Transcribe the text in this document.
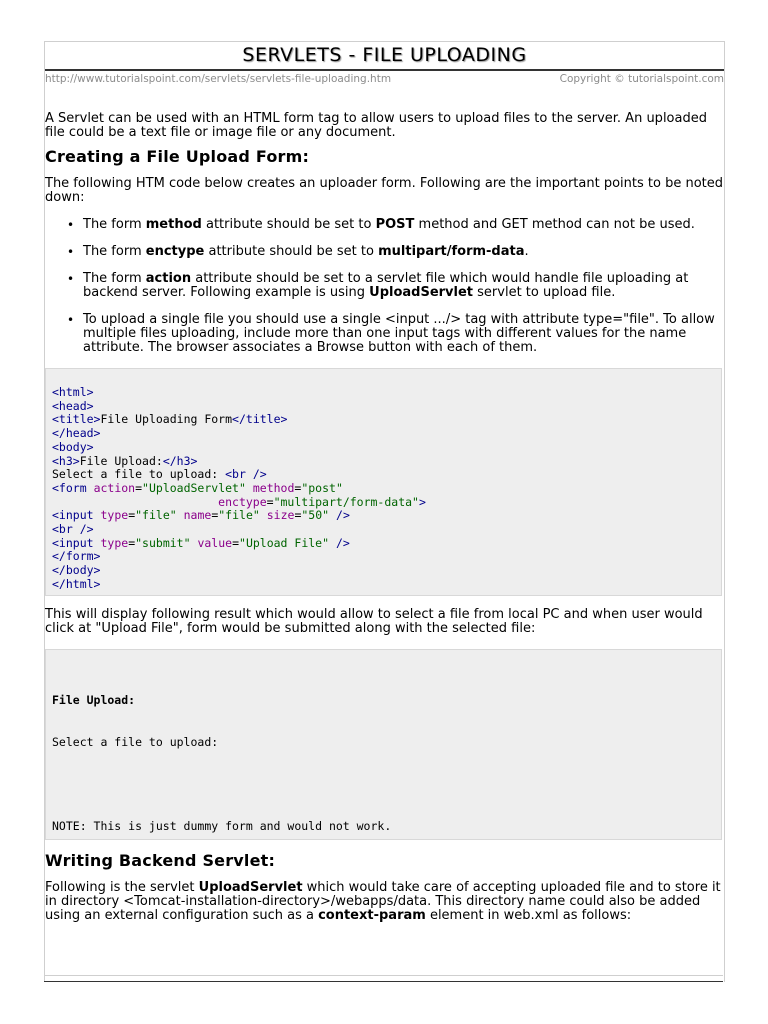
SERVLETS - FILE UPLOADING
http://www.tutorialspoint.com/servlets/servlets-file-uploading.htm	Copyright © tutorialspoint.com

A Servlet can be used with an HTML form tag to allow users to upload files to the server. An uploaded file could be a text file or image file or any document.

Creating a File Upload Form:

The following HTM code below creates an uploader form. Following are the important points to be noted down:

• The form method attribute should be set to POST method and GET method can not be used.
• The form enctype attribute should be set to multipart/form-data.
• The form action attribute should be set to a servlet file which would handle file uploading at backend server. Following example is using UploadServlet servlet to upload file.
• To upload a single file you should use a single <input .../> tag with attribute type="file". To allow multiple files uploading, include more than one input tags with different values for the name attribute. The browser associates a Browse button with each of them.
<html>
<head>
<title>File Uploading Form</title>
</head>
<body>
<h3>File Upload:</h3>
Select a file to upload: <br />
<form action="UploadServlet" method="post"
enctype="multipart/form-data">
<input type="file" name="file" size="50" />
<br />
<input type="submit" value="Upload File" />
</form>
</body>
</html>

This will display following result which would allow to select a file from local PC and when user would click at "Upload File", form would be submitted along with the selected file:

File Upload:

Select a file to upload:

NOTE: This is just dummy form and would not work.

Writing Backend Servlet:

Following is the servlet UploadServlet which would take care of accepting uploaded file and to store it in directory <Tomcat-installation-directory>/webapps/data. This directory name could also be added using an external configuration such as a context-param element in web.xml as follows:
